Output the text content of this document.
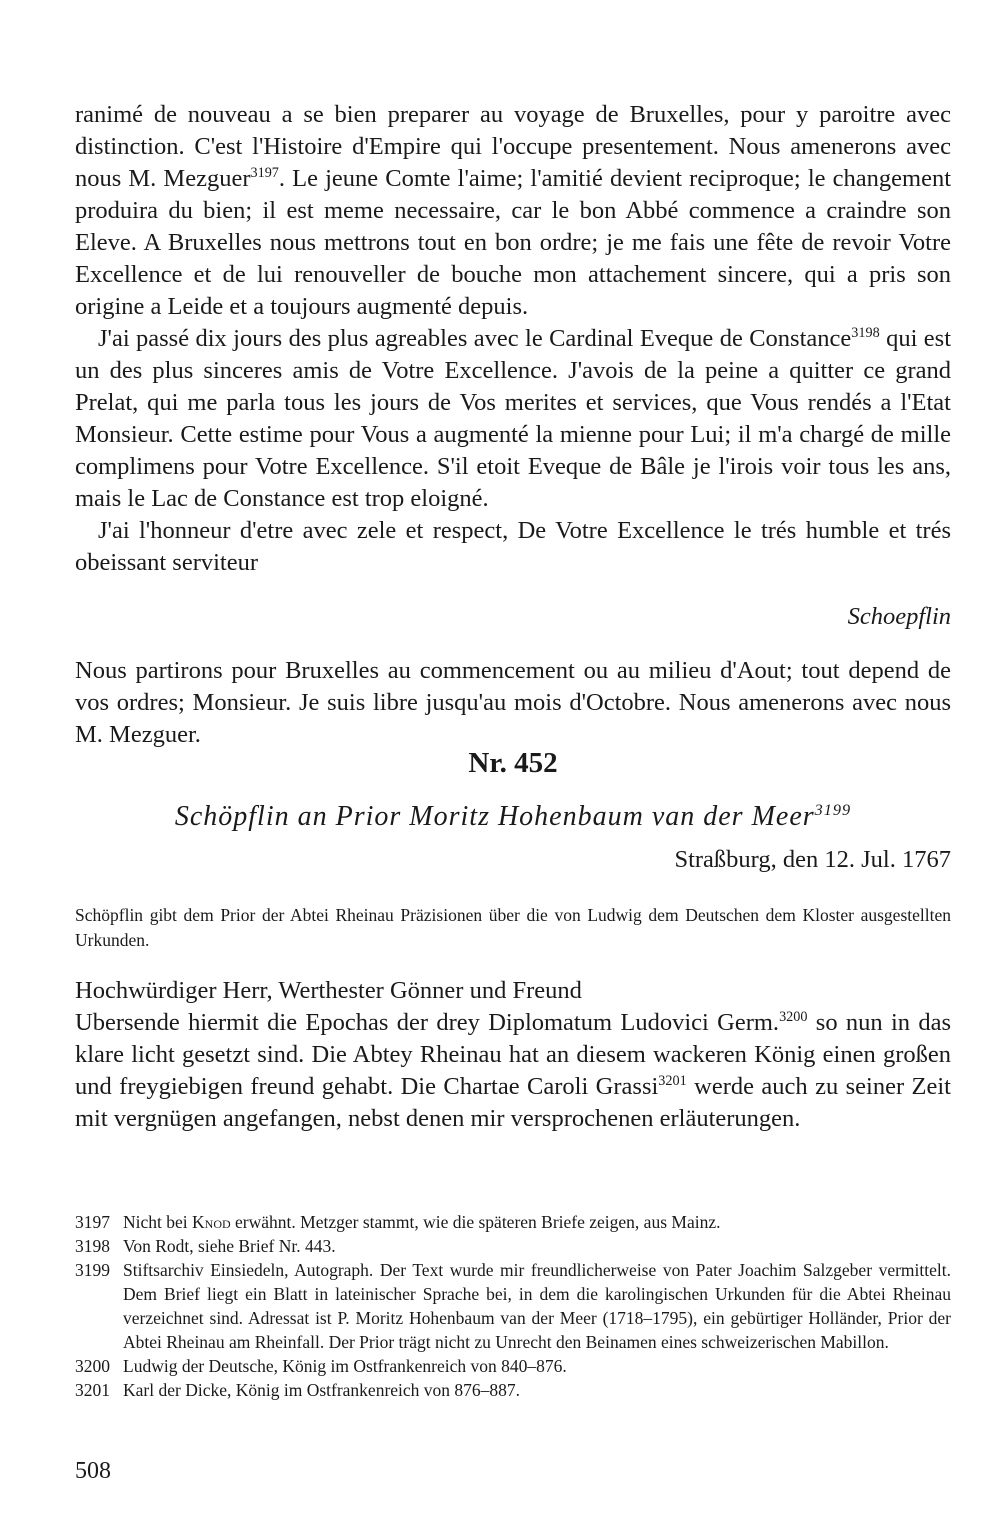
ranimé de nouveau a se bien preparer au voyage de Bruxelles, pour y paroitre avec distinction. C'est l'Histoire d'Empire qui l'occupe presentement. Nous amenerons avec nous M. Mezguer$^{3197}$. Le jeune Comte l'aime; l'amitié devient reciproque; le changement produira du bien; il est meme necessaire, car le bon Abbé commence a craindre son Eleve. A Bruxelles nous mettrons tout en bon ordre; je me fais une fête de revoir Votre Excellence et de lui renouveller de bouche mon attachement sincere, qui a pris son origine a Leide et a toujours augmenté depuis.

J'ai passé dix jours des plus agreables avec le Cardinal Eveque de Constance$^{3198}$ qui est un des plus sinceres amis de Votre Excellence. J'avois de la peine a quitter ce grand Prelat, qui me parla tous les jours de Vos merites et services, que Vous rendés a l'Etat Monsieur. Cette estime pour Vous a augmenté la mienne pour Lui; il m'a chargé de mille complimens pour Votre Excellence. S'il etoit Eveque de Bâle je l'irois voir tous les ans, mais le Lac de Constance est trop eloigné.

J'ai l'honneur d'etre avec zele et respect, De Votre Excellence le trés humble et trés obeissant serviteur

Schoepflin

Nous partirons pour Bruxelles au commencement ou au milieu d'Aout; tout depend de vos ordres; Monsieur. Je suis libre jusqu'au mois d'Octobre. Nous amenerons avec nous M. Mezguer.

Nr. 452
Schöpflin an Prior Moritz Hohenbaum van der Meer$^{3199}$
Straßburg, den 12. Jul. 1767
Schöpflin gibt dem Prior der Abtei Rheinau Präzisionen über die von Ludwig dem Deutschen dem Kloster ausgestellten Urkunden.

Hochwürdiger Herr, Werthester Gönner und Freund

Ubersende hiermit die Epochas der drey Diplomatum Ludovici Germ.$^{3200}$ so nun in das klare licht gesetzt sind. Die Abtey Rheinau hat an diesem wackeren König einen großen und freygiebigen freund gehabt. Die Chartae Caroli Grassi$^{3201}$ werde auch zu seiner Zeit mit vergnügen angefangen, nebst denen mir versprochenen erläuterungen.

3197 Nicht bei Knod erwähnt. Metzger stammt, wie die späteren Briefe zeigen, aus Mainz.
3198 Von Rodt, siehe Brief Nr. 443.
3199 Stiftsarchiv Einsiedeln, Autograph. Der Text wurde mir freundlicherweise von Pater Joachim Salzgeber vermittelt. Dem Brief liegt ein Blatt in lateinischer Sprache bei, in dem die karolingischen Urkunden für die Abtei Rheinau verzeichnet sind. Adressat ist P. Moritz Hohenbaum van der Meer (1718–1795), ein gebürtiger Holländer, Prior der Abtei Rheinau am Rheinfall. Der Prior trägt nicht zu Unrecht den Beinamen eines schweizerischen Mabillon.
3200 Ludwig der Deutsche, König im Ostfrankenreich von 840–876.
3201 Karl der Dicke, König im Ostfrankenreich von 876–887.
508
